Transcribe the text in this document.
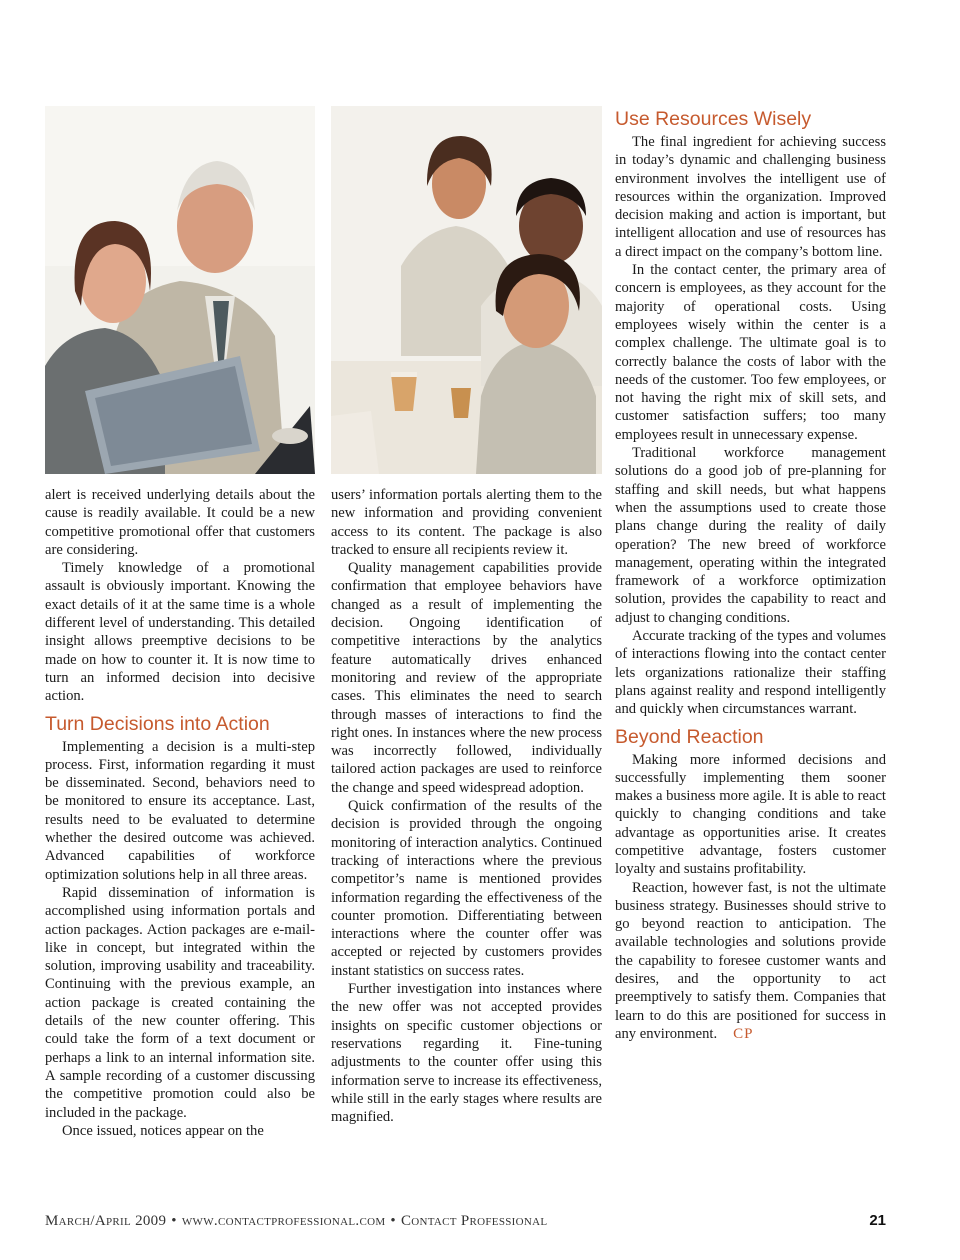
alert is received underlying details about the cause is readily available. It could be a new competitive promotional offer that customers are considering.

Timely knowledge of a promotional assault is obviously important. Knowing the exact details of it at the same time is a whole different level of understanding. This detailed insight allows preemptive decisions to be made on how to counter it. It is now time to turn an informed decision into decisive action.

Turn Decisions into Action

Implementing a decision is a multi-step process. First, information regarding it must be disseminated. Second, behaviors need to be monitored to ensure its acceptance. Last, results need to be evaluated to determine whether the desired outcome was achieved. Advanced capabilities of workforce optimization solutions help in all three areas.

Rapid dissemination of information is accomplished using information portals and action packages. Action packages are e-mail-like in concept, but integrated within the solution, improving usability and traceability. Continuing with the previous example, an action package is created containing the details of the new counter offering. This could take the form of a text document or perhaps a link to an internal information site. A sample recording of a customer discussing the competitive promotion could also be included in the package.

Once issued, notices appear on the

users’ information portals alerting them to the new information and providing convenient access to its content. The package is also tracked to ensure all recipients review it.

Quality management capabilities provide confirmation that employee behaviors have changed as a result of implementing the decision. Ongoing identification of competitive interactions by the analytics feature automatically drives enhanced monitoring and review of the appropriate cases. This eliminates the need to search through masses of interactions to find the right ones. In instances where the new process was incorrectly followed, individually tailored action packages are used to reinforce the change and speed widespread adoption.

Quick confirmation of the results of the decision is provided through the ongoing monitoring of interaction analytics. Continued tracking of interactions where the previous competitor’s name is mentioned provides information regarding the effectiveness of the counter promotion. Differentiating between interactions where the counter offer was accepted or rejected by customers provides instant statistics on success rates.

Further investigation into instances where the new offer was not accepted provides insights on specific customer objections or reservations regarding it. Fine-tuning adjustments to the counter offer using this information serve to increase its effectiveness, while still in the early stages where results are magnified.

Use Resources Wisely

The final ingredient for achieving success in today’s dynamic and challenging business environment involves the intelligent use of resources within the organization. Improved decision making and action is important, but intelligent allocation and use of resources has a direct impact on the company’s bottom line.

In the contact center, the primary area of concern is employees, as they account for the majority of operational costs. Using employees wisely within the center is a complex challenge. The ultimate goal is to correctly balance the costs of labor with the needs of the customer. Too few employees, or not having the right mix of skill sets, and customer satisfaction suffers; too many employees result in unnecessary expense.

Traditional workforce management solutions do a good job of pre-planning for staffing and skill needs, but what happens when the assumptions used to create those plans change during the reality of daily operation? The new breed of workforce management, operating within the integrated framework of a workforce optimization solution, provides the capability to react and adjust to changing conditions.

Accurate tracking of the types and volumes of interactions flowing into the contact center lets organizations rationalize their staffing plans against reality and respond intelligently and quickly when circumstances warrant.

Beyond Reaction

Making more informed decisions and successfully implementing them sooner makes a business more agile. It is able to react quickly to changing conditions and take advantage as opportunities arise. It creates competitive advantage, fosters customer loyalty and sustains profitability.

Reaction, however fast, is not the ultimate business strategy. Businesses should strive to go beyond reaction to anticipation. The available technologies and solutions provide the capability to foresee customer wants and desires, and the opportunity to act preemptively to satisfy them. Companies that learn to do this are positioned for success in any environment. CP

March/April 2009 • www.contactprofessional.com • Contact Professional	21
